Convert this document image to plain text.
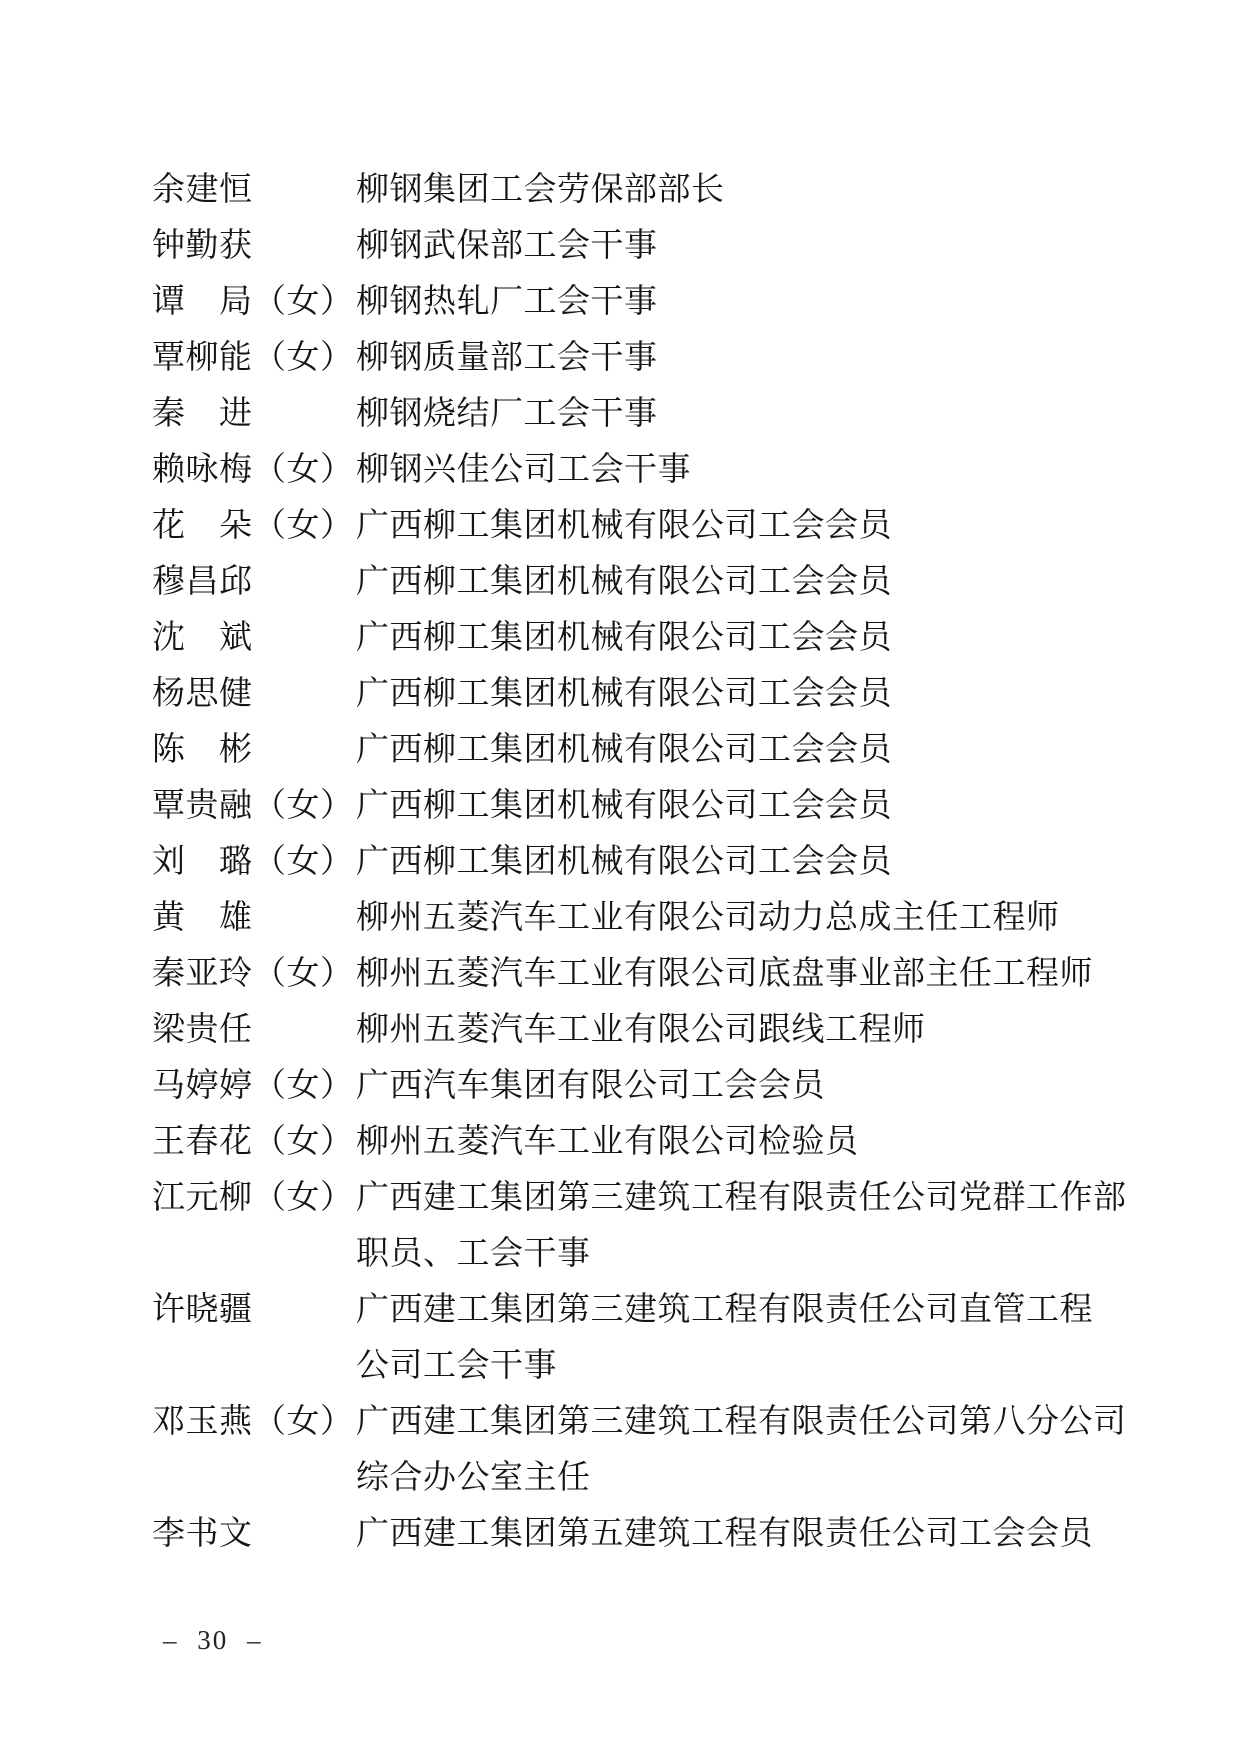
余建恒	柳钢集团工会劳保部部长
钟勤获	柳钢武保部工会干事
谭　局 （女） 柳钢热轧厂工会干事
覃柳能 （女） 柳钢质量部工会干事
秦　进	柳钢烧结厂工会干事
赖咏梅 （女） 柳钢兴佳公司工会干事
花　朵 （女） 广西柳工集团机械有限公司工会会员
穆昌邱	广西柳工集团机械有限公司工会会员
沈　斌	广西柳工集团机械有限公司工会会员
杨思健	广西柳工集团机械有限公司工会会员
陈　彬	广西柳工集团机械有限公司工会会员
覃贵融 （女） 广西柳工集团机械有限公司工会会员
刘　璐 （女） 广西柳工集团机械有限公司工会会员
黄　雄	柳州五菱汽车工业有限公司动力总成主任工程师
秦亚玲 （女） 柳州五菱汽车工业有限公司底盘事业部主任工程师
梁贵任	柳州五菱汽车工业有限公司跟线工程师
马婷婷 （女） 广西汽车集团有限公司工会会员
王春花 （女） 柳州五菱汽车工业有限公司检验员
江元柳 （女） 广西建工集团第三建筑工程有限责任公司党群工作部
职员、工会干事
许晓疆	广西建工集团第三建筑工程有限责任公司直管工程
公司工会干事
邓玉燕 （女） 广西建工集团第三建筑工程有限责任公司第八分公司
综合办公室主任
李书文	广西建工集团第五建筑工程有限责任公司工会会员
– 30 –
